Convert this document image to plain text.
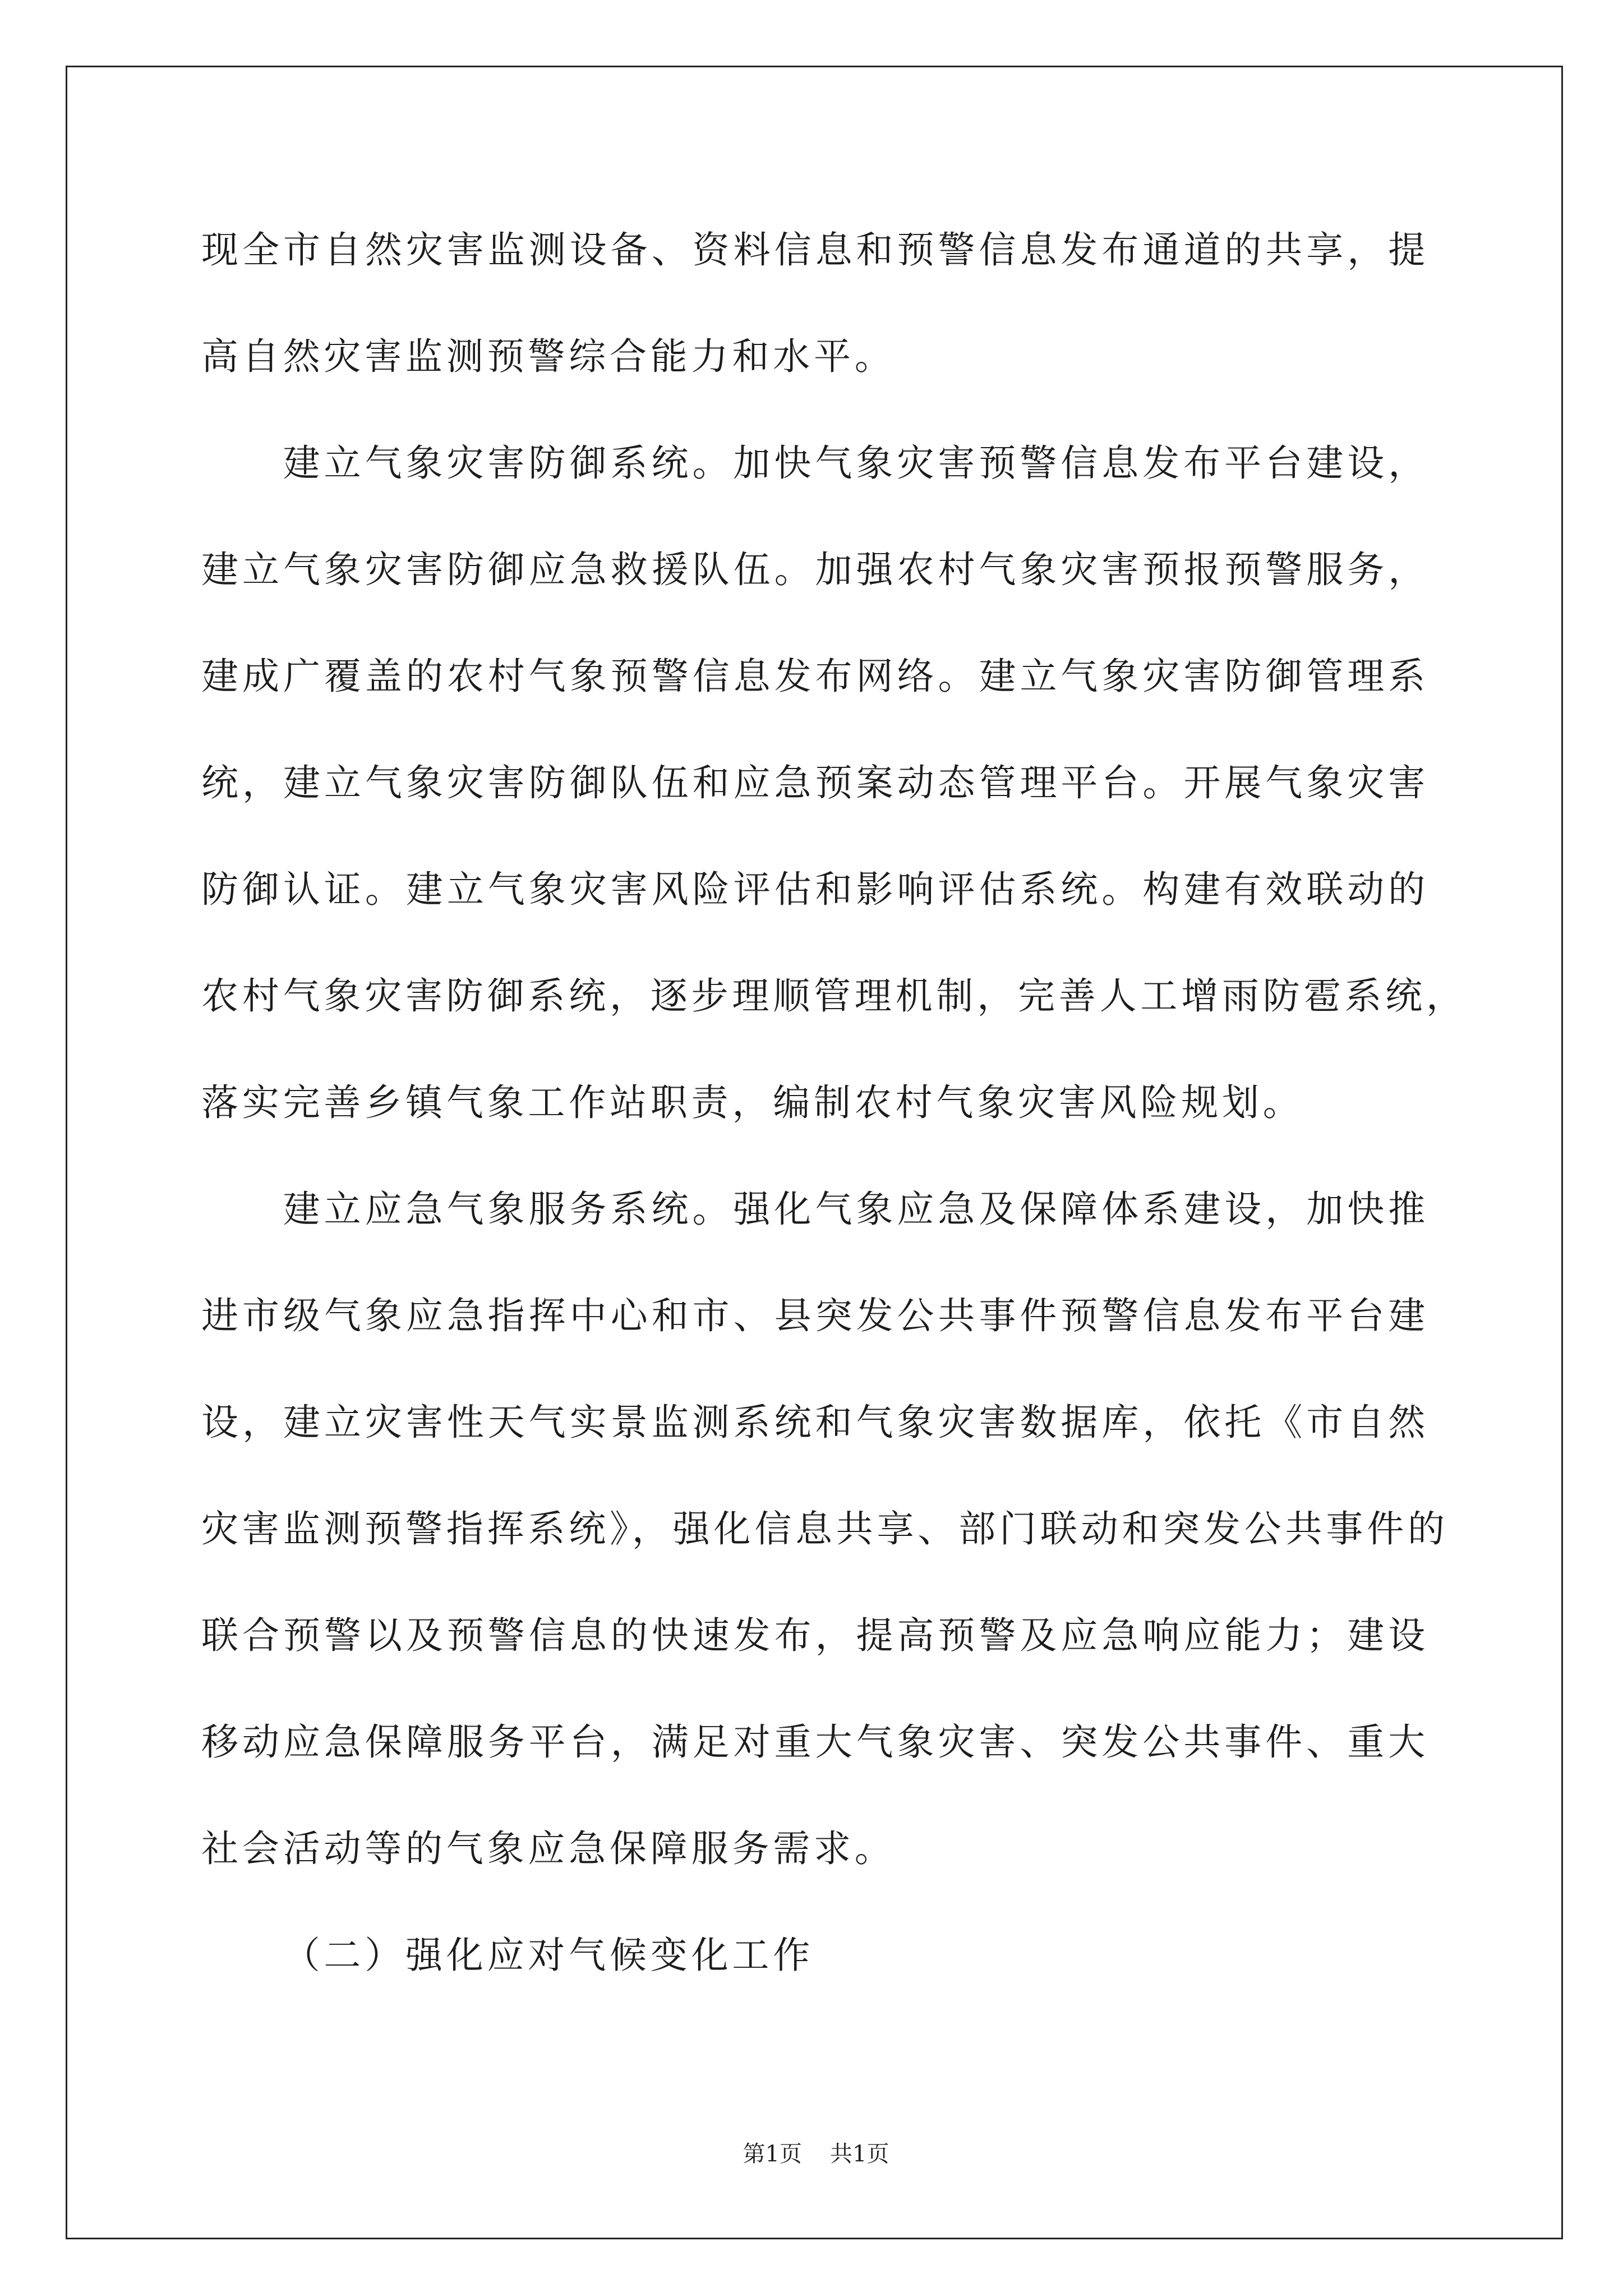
现全市自然灾害监测设备、资料信息和预警信息发布通道的共享，提
高自然灾害监测预警综合能力和水平。
建立气象灾害防御系统。加快气象灾害预警信息发布平台建设，
建立气象灾害防御应急救援队伍。加强农村气象灾害预报预警服务，
建成广覆盖的农村气象预警信息发布网络。建立气象灾害防御管理系
统，建立气象灾害防御队伍和应急预案动态管理平台。开展气象灾害
防御认证。建立气象灾害风险评估和影响评估系统。构建有效联动的
农村气象灾害防御系统，逐步理顺管理机制，完善人工增雨防雹系统，
落实完善乡镇气象工作站职责，编制农村气象灾害风险规划。
建立应急气象服务系统。强化气象应急及保障体系建设，加快推
进市级气象应急指挥中心和市、县突发公共事件预警信息发布平台建
设，建立灾害性天气实景监测系统和气象灾害数据库，依托《市自然
灾害监测预警指挥系统》，强化信息共享、部门联动和突发公共事件的
联合预警以及预警信息的快速发布，提高预警及应急响应能力；建设
移动应急保障服务平台，满足对重大气象灾害、突发公共事件、重大
社会活动等的气象应急保障服务需求。
（二）强化应对气候变化工作
第1页 共1页
